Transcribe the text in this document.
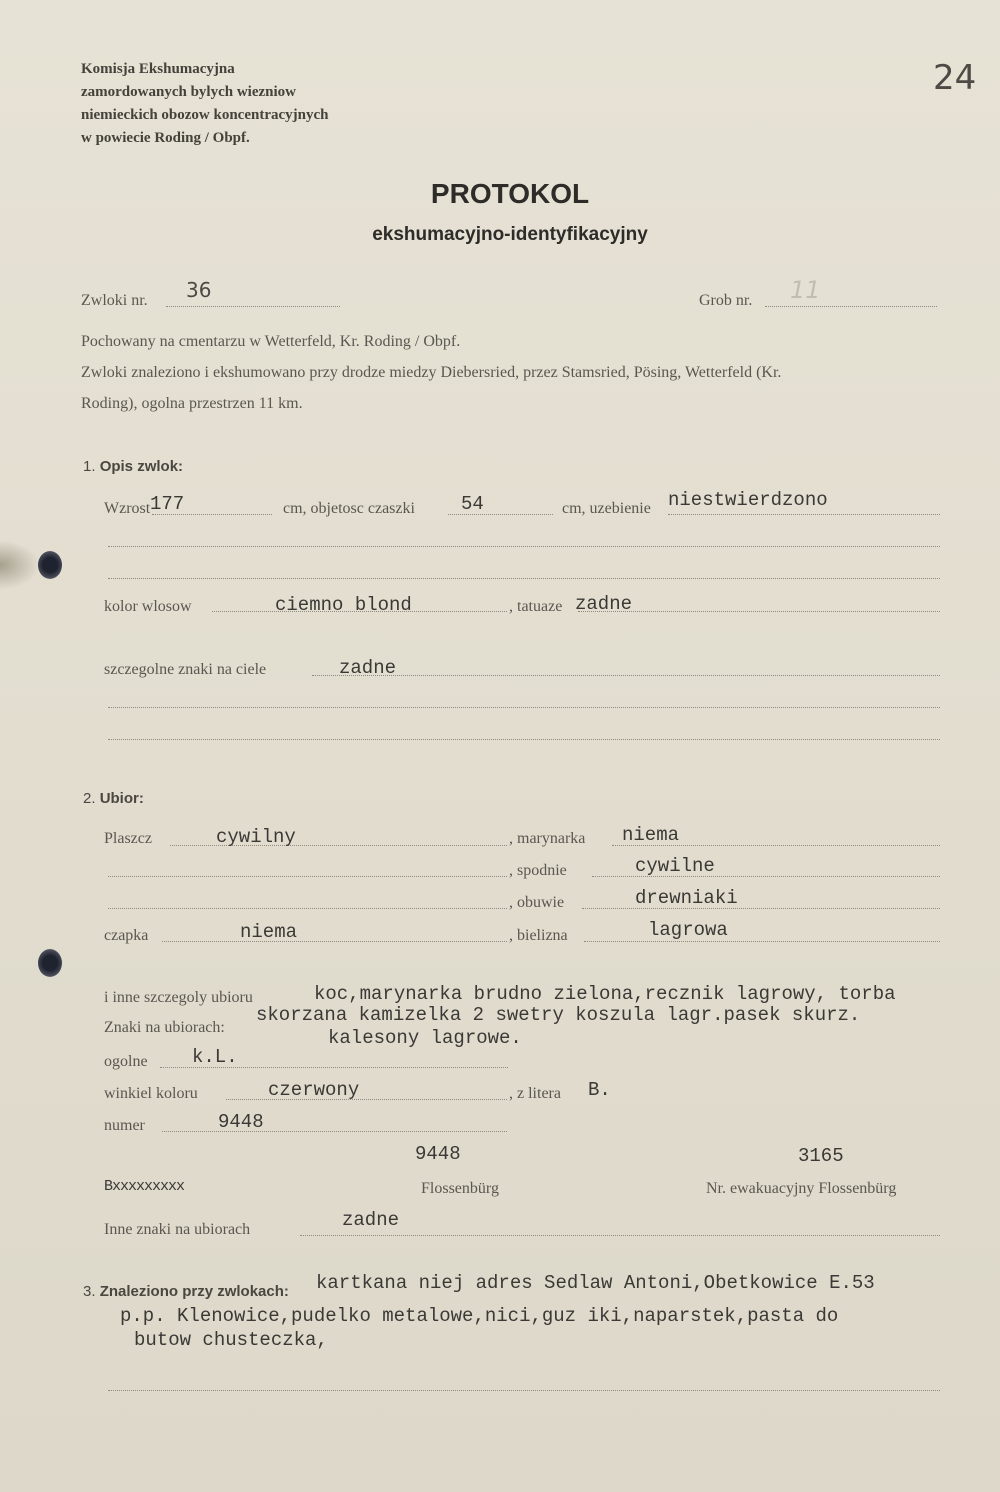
Komisja Ekshumacyjna
zamordowanych bylych wiezniow
niemieckich obozow koncentracyjnych
w powiecie Roding / Obpf.
24
PROTOKOL
ekshumacyjno-identyfikacyjny
Zwloki nr. 36	Grob nr. 11
Pochowany na cmentarzu w Wetterfeld, Kr. Roding / Obpf.
Zwloki znaleziono i ekshumowano przy drodze miedzy Diebersried, przez Stamsried, Pösing, Wetterfeld (Kr.
Roding), ogolna przestrzen 11 km.
1. Opis zwlok:
Wzrost 177	cm, objetosc czaszki 54	cm, uzebienie niestwierdzono
kolor wlosow	ciemno blond	, tatuaze zadne
szczegolne znaki na ciele	zadne
2. Ubior:
Plaszcz	cywilny	, marynarka niema
, spodnie	cywilne
, obuwie	drewniaki
czapka	niema	, bielizna	lagrowa
i inne szczegoly ubioru	koc,marynarka brudno zielona,recznik lagrowy, torba
Znaki na ubiorach:
skorzana kamizelka 2 swetry koszula lagr.pasek skurz.
kalesony lagrowe.
ogolne k.L.
winkiel koloru	czerwony	, z litera B.
numer	9448
9448	3165
Bxxxxxxxxx	Flossenbürg	Nr. ewakuacyjny Flossenbürg
Inne znaki na ubiorach	zadne
3. Znaleziono przy zwlokach: kartkana niej adres Sedlaw Antoni,Obetkowice E.53
p.p. Klenowice,pudelko metalowe,nici,guz iki,naparstek,pasta do
butow chusteczka,
